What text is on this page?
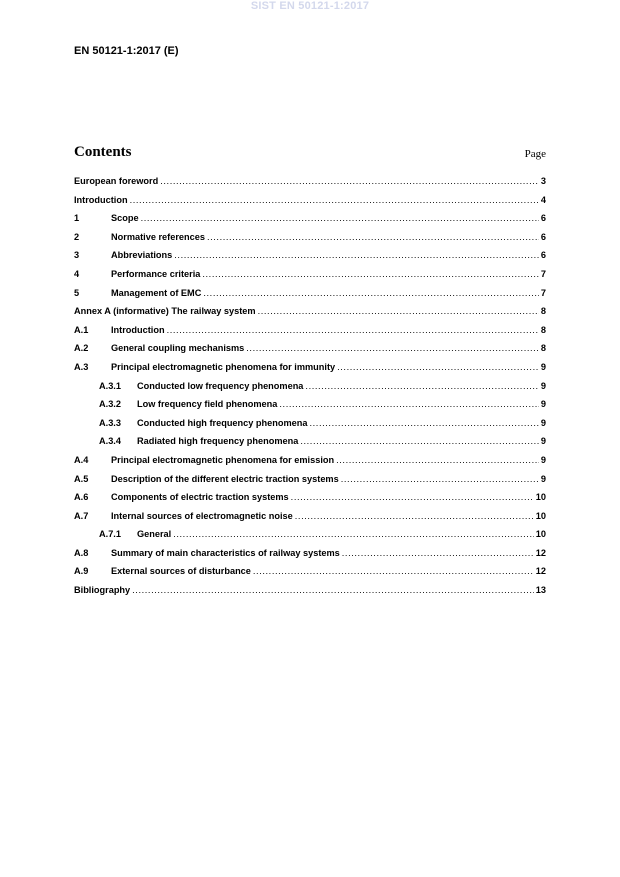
SIST EN 50121-1:2017
EN 50121-1:2017 (E)
Contents	Page
European foreword .....	3
Introduction .....	4
1	Scope .....	6
2	Normative references .....	6
3	Abbreviations .....	6
4	Performance criteria .....	7
5	Management of EMC .....	7
Annex A (informative) The railway system .....	8
A.1	Introduction .....	8
A.2	General coupling mechanisms .....	8
A.3	Principal electromagnetic phenomena for immunity .....	9
A.3.1	Conducted low frequency phenomena .....	9
A.3.2	Low frequency field phenomena .....	9
A.3.3	Conducted high frequency phenomena .....	9
A.3.4	Radiated high frequency phenomena .....	9
A.4	Principal electromagnetic phenomena for emission .....	9
A.5	Description of the different electric traction systems .....	9
A.6	Components of electric traction systems .....	10
A.7	Internal sources of electromagnetic noise .....	10
A.7.1	General .....	10
A.8	Summary of main characteristics of railway systems .....	12
A.9	External sources of disturbance .....	12
Bibliography .....	13
